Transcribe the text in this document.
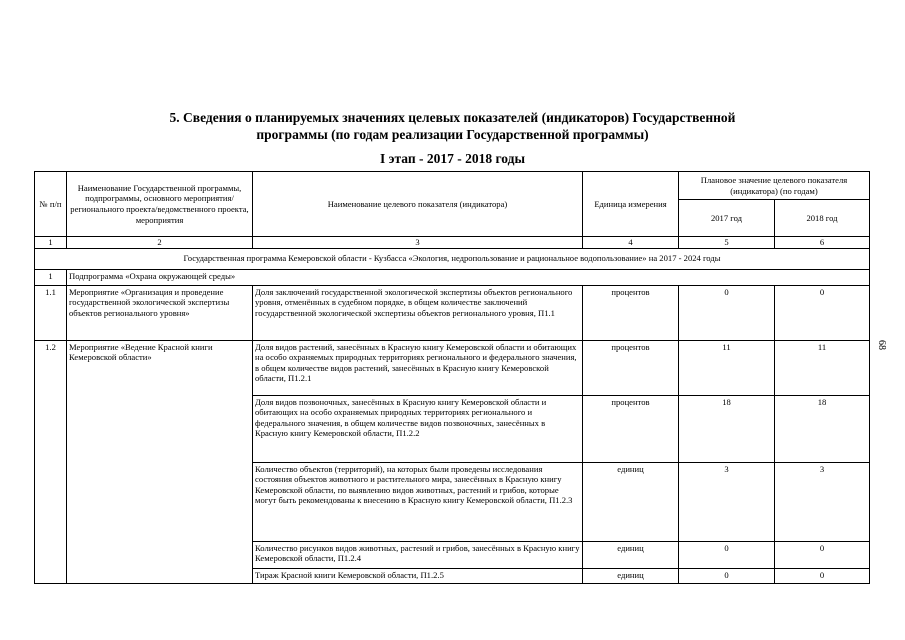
5. Сведения о планируемых значениях целевых показателей (индикаторов) Государственной
программы (по годам реализации Государственной программы)
I этап - 2017 - 2018 годы
68
№ п/п	Наименование Государственной программы, подпрограммы, основного мероприятия/регионального проекта/ведомственного проекта, мероприятия	Наименование целевого показателя (индикатора)	Единица измерения	Плановое значение целевого показателя (индикатора) (по годам)	
				2017 год	2018 год
1	2	3	4	5	6
Государственная программа Кемеровской области - Кузбасса «Экология, недропользование и рациональное водопользование» на 2017 - 2024 годы					
1	Подпрограмма «Охрана окружающей среды»				
1.1	Мероприятие «Организация и проведение государственной экологической экспертизы объектов регионального уровня»	Доля заключений государственной экологической экспертизы объектов регионального уровня, отменённых в судебном порядке, в общем количестве заключений государственной экологической экспертизы объектов регионального уровня, П1.1	процентов	0	0
1.2	Мероприятие «Ведение Красной книги Кемеровской области»	Доля видов растений, занесённых в Красную книгу Кемеровской области и обитающих на особо охраняемых природных территориях регионального и федерального значения, в общем количестве видов растений, занесённых в Красную книгу Кемеровской области, П1.2.1	процентов	11	11
		Доля видов позвоночных, занесённых в Красную книгу Кемеровской области и обитающих на особо охраняемых природных территориях регионального и федерального значения, в общем количестве видов позвоночных, занесённых в Красную книгу Кемеровской области, П1.2.2	процентов	18	18
		Количество объектов (территорий), на которых были проведены исследования состояния объектов животного и растительного мира, занесённых в Красную книгу Кемеровской области, по выявлению видов животных, растений и грибов, которые могут быть рекомендованы к внесению в Красную книгу Кемеровской области, П1.2.3	единиц	3	3
		Количество рисунков видов животных, растений и грибов, занесённых в Красную книгу Кемеровской области, П1.2.4	единиц	0	0
		Тираж Красной книги Кемеровской области, П1.2.5	единиц	0	0
